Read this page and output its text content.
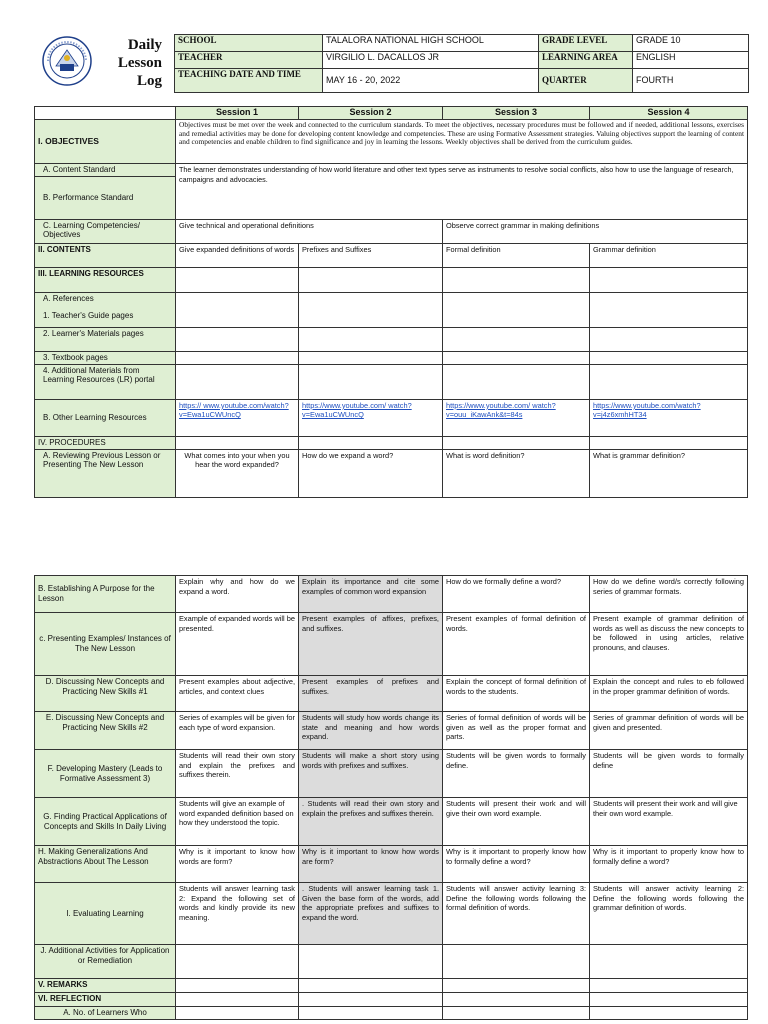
Daily
Lesson Log
SCHOOL	TALALORA NATIONAL HIGH SCHOOL	GRADE LEVEL	GRADE 10
TEACHER	VIRGILIO L. DACALLOS JR	LEARNING AREA	ENGLISH
TEACHING DATE AND TIME	MAY 16 - 20, 2022	QUARTER	FOURTH
	Session 1	Session 2	Session 3	Session 4
I. OBJECTIVES	Objectives must be met over the week and connected to the curriculum standards. To meet the objectives, necessary procedures must be followed and if needed, additional lessons, exercises and remedial activities may be done for developing content knowledge and competencies. These are using Formative Assessment strategies. Valuing objectives support the learning of content and competencies and enable children to find significance and joy in learning the lessons. Weekly objectives shall be derived from the curriculum guides.			
A. Content Standard	The learner demonstrates understanding of how world literature and other text types serve as instruments to resolve social conflicts, also how to use the language of research, campaigns and advocacies.			
B. Performance Standard				
C. Learning Competencies/ Objectives	Give technical and operational definitions		Observe correct grammar in making definitions	
II. CONTENTS	Give expanded definitions of words	Prefixes and Suffixes	Formal definition	Grammar definition
III. LEARNING RESOURCES				

A. References
1. Teacher's Guide pages				

2. Learner's Materials pages				
3. Textbook pages				
4. Additional Materials from Learning Resources (LR) portal				
B. Other Learning Resources	https:// www.youtube.com/watch? v=Ewa1uCWUncQ	https://www.youtube.com/ watch?v=Ewa1uCWUncQ	https://www.youtube.com/ watch?v=ouu_iKawAnk&t=84s	https://www.youtube.com/watch? v=j4z6xmhHT34
IV. PROCEDURES				
A. Reviewing Previous Lesson or Presenting The New Lesson	What comes into your when you hear the word expanded?	How do we expand a word?	What is word definition?	What is grammar definition?
B. Establishing A Purpose for the Lesson	Explain why and how do we expand a word.	Explain its importance and cite some examples of common word expansion	How do we formally define a word?	How do we define word/s correctly following series of grammar formats.
c. Presenting Examples/ Instances of The New Lesson	Example of expanded words will be presented.	Present examples of affixes, prefixes, and suffixes.	Present examples of formal definition of words.	Present example of grammar definition of words as well as discuss the new concepts to be followed in using articles, relative pronouns, and clauses.
D. Discussing New Concepts and Practicing New Skills #1	Present examples about adjective, articles, and context clues	Present examples of prefixes and suffixes.	Explain the concept of formal definition of words to the students.	Explain the concept and rules to eb followed in the proper grammar definition of words.
E. Discussing New Concepts and Practicing New Skills #2	Series of examples will be given for each type of word expansion.	Students will study how words change its state and meaning and how words expand.	Series of formal definition of words will be given as well as the proper format and parts.	Series of grammar definition of words will be given and presented.
F. Developing Mastery (Leads to Formative Assessment 3)	Students will read their own story and explain the prefixes and suffixes therein.	Students will make a short story using words with prefixes and suffixes.	Students will be given words to formally define.	Students will be given words to formally define
G. Finding Practical Applications of Concepts and Skills In Daily Living	Students will give an example of word expanded definition based on how they understood the topic.	. Students will read their own story and explain the prefixes and suffixes therein.	Students will present their work and will give their own word example.	Students will present their work and will give their own word example.
H. Making Generalizations And Abstractions About The Lesson	Why is it important to know how words are form?	Why is it important to know how words are form?	Why is it important to properly know how to formally define a word?	Why is it important to properly know how to formally define a word?
I. Evaluating Learning	Students will answer learning task 2: Expand the following set of words and kindly provide its new meaning.	. Students will answer learning task 1. Given the base form of the words, add the appropriate prefixes and suffixes to expand the word.	Students will answer activity learning 3: Define the following words following the formal definition of words.	Students will answer activity learning 2: Define the following words following the grammar definition of words.
J. Additional Activities for Application or Remediation				
V. REMARKS				
VI. REFLECTION				
A. No. of Learners Who				
